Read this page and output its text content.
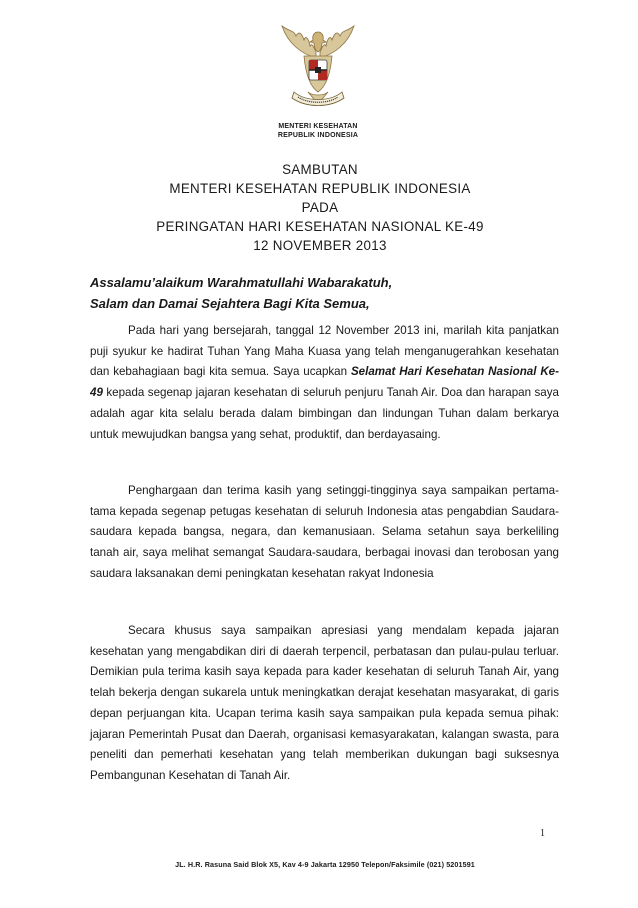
MENTERI KESEHATAN
REPUBLIK INDONESIA
SAMBUTAN
MENTERI KESEHATAN REPUBLIK INDONESIA
PADA
PERINGATAN HARI KESEHATAN NASIONAL KE-49
12 NOVEMBER 2013
Assalamu’alaikum Warahmatullahi Wabarakatuh,
Salam dan Damai Sejahtera Bagi Kita Semua,

Pada hari yang bersejarah, tanggal 12 November 2013 ini, marilah kita panjatkan puji syukur ke hadirat Tuhan Yang Maha Kuasa yang telah menganugerahkan kesehatan dan kebahagiaan bagi kita semua. Saya ucapkan Selamat Hari Kesehatan Nasional Ke-49 kepada segenap jajaran kesehatan di seluruh penjuru Tanah Air. Doa dan harapan saya adalah agar kita selalu berada dalam bimbingan dan lindungan Tuhan dalam berkarya untuk mewujudkan bangsa yang sehat, produktif, dan berdayasaing.

Penghargaan dan terima kasih yang setinggi-tingginya saya sampaikan pertama-tama kepada segenap petugas kesehatan di seluruh Indonesia atas pengabdian Saudara-saudara kepada bangsa, negara, dan kemanusiaan. Selama setahun saya berkeliling tanah air, saya melihat semangat Saudara-saudara, berbagai inovasi dan terobosan yang saudara laksanakan demi peningkatan kesehatan rakyat Indonesia

Secara khusus saya sampaikan apresiasi yang mendalam kepada jajaran kesehatan yang mengabdikan diri di daerah terpencil, perbatasan dan pulau-pulau terluar. Demikian pula terima kasih saya kepada para kader kesehatan di seluruh Tanah Air, yang telah bekerja dengan sukarela untuk meningkatkan derajat kesehatan masyarakat, di garis depan perjuangan kita. Ucapan terima kasih saya sampaikan pula kepada semua pihak: jajaran Pemerintah Pusat dan Daerah, organisasi kemasyarakatan, kalangan swasta, para peneliti dan pemerhati kesehatan yang telah memberikan dukungan bagi suksesnya Pembangunan Kesehatan di Tanah Air.

1
JL. H.R. Rasuna Said Blok X5, Kav 4-9 Jakarta 12950 Telepon/Faksimile (021) 5201591
